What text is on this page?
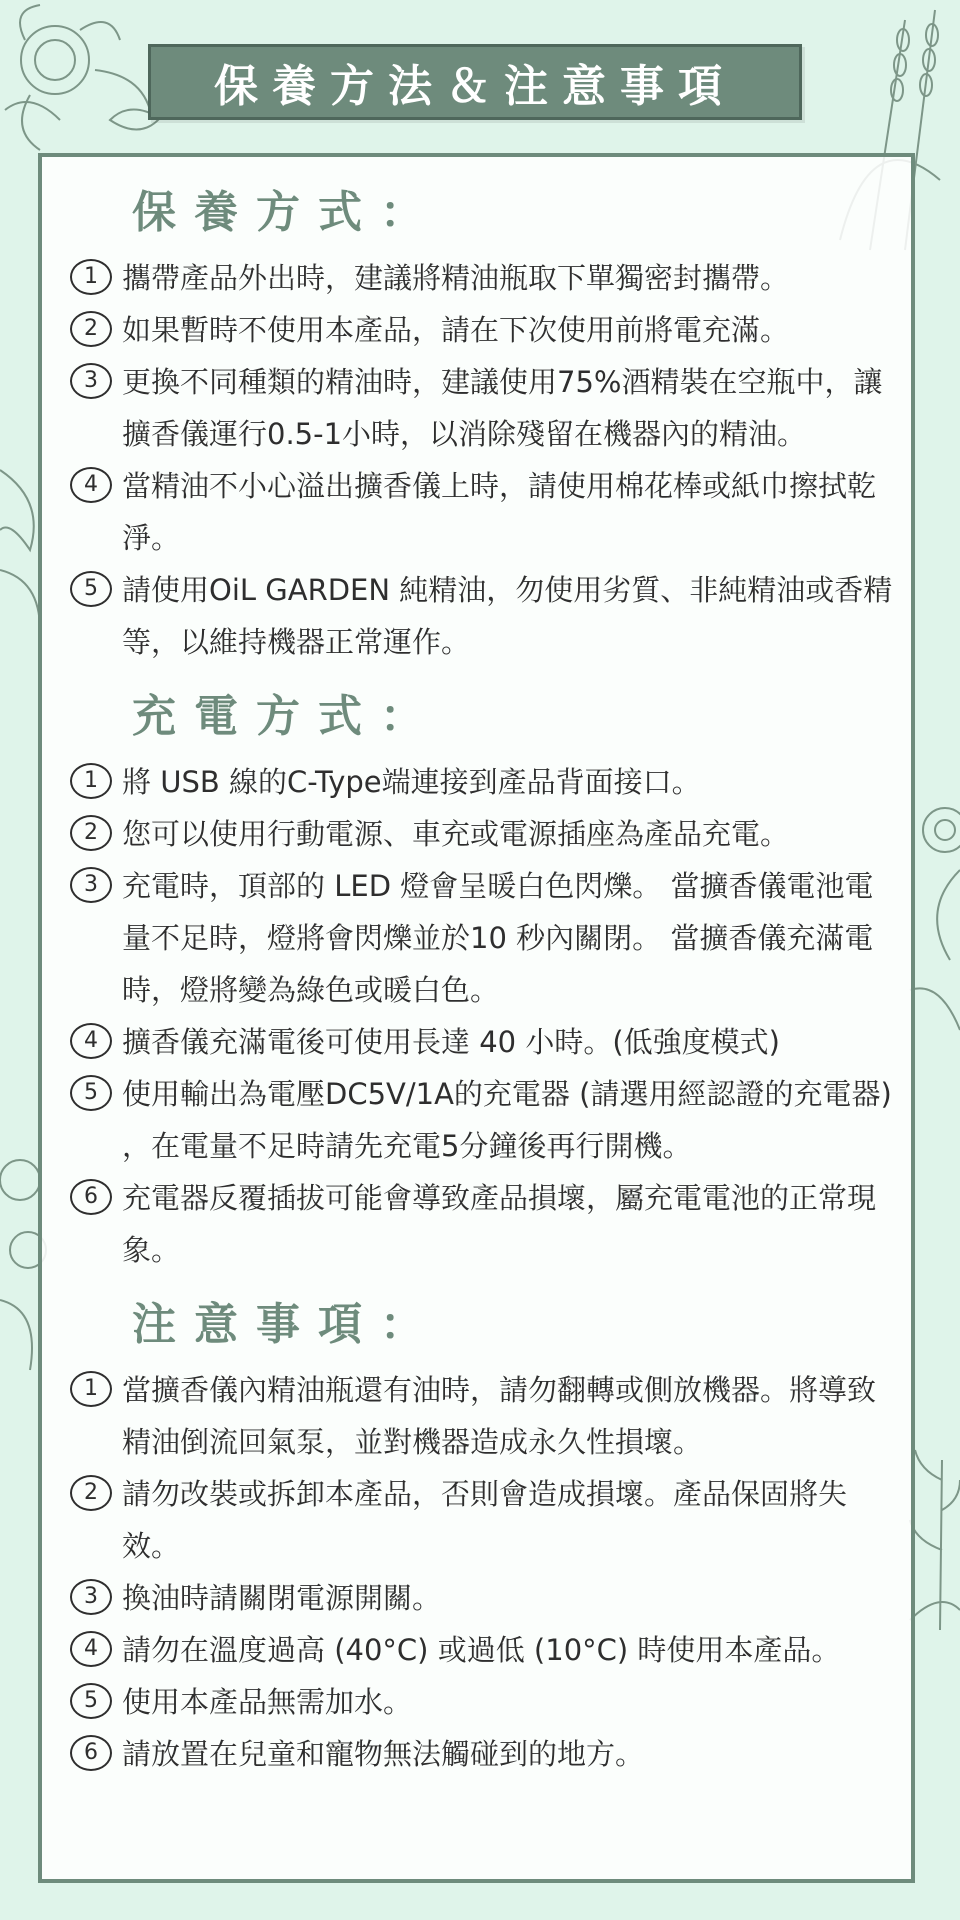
保養方法＆注意事項
保養方式：
1 攜帶產品外出時，建議將精油瓶取下單獨密封攜帶。
2 如果暫時不使用本產品，請在下次使用前將電充滿。
3 更換不同種類的精油時，建議使用75%酒精裝在空瓶中，讓擴香儀運行0.5-1小時，以消除殘留在機器內的精油。
4 當精油不小心溢出擴香儀上時，請使用棉花棒或紙巾擦拭乾淨。
5 請使用OiL GARDEN 純精油，勿使用劣質、非純精油或香精等，以維持機器正常運作。
充電方式：
1 將 USB 線的C-Type端連接到產品背面接口。
2 您可以使用行動電源、車充或電源插座為產品充電。
3 充電時，頂部的 LED 燈會呈暖白色閃爍。 當擴香儀電池電量不足時，燈將會閃爍並於10 秒內關閉。 當擴香儀充滿電時，燈將變為綠色或暖白色。
4 擴香儀充滿電後可使用長達 40 小時。(低強度模式)
5 使用輸出為電壓DC5V/1A的充電器 (請選用經認證的充電器) ，在電量不足時請先充電5分鐘後再行開機。
6 充電器反覆插拔可能會導致產品損壞，屬充電電池的正常現象。
注意事項：
1 當擴香儀內精油瓶還有油時，請勿翻轉或側放機器。將導致精油倒流回氣泵，並對機器造成永久性損壞。
2 請勿改裝或拆卸本產品，否則會造成損壞。產品保固將失效。
3 換油時請關閉電源開關。
4 請勿在溫度過高 (40°C) 或過低 (10°C) 時使用本產品。
5 使用本產品無需加水。
6 請放置在兒童和寵物無法觸碰到的地方。
